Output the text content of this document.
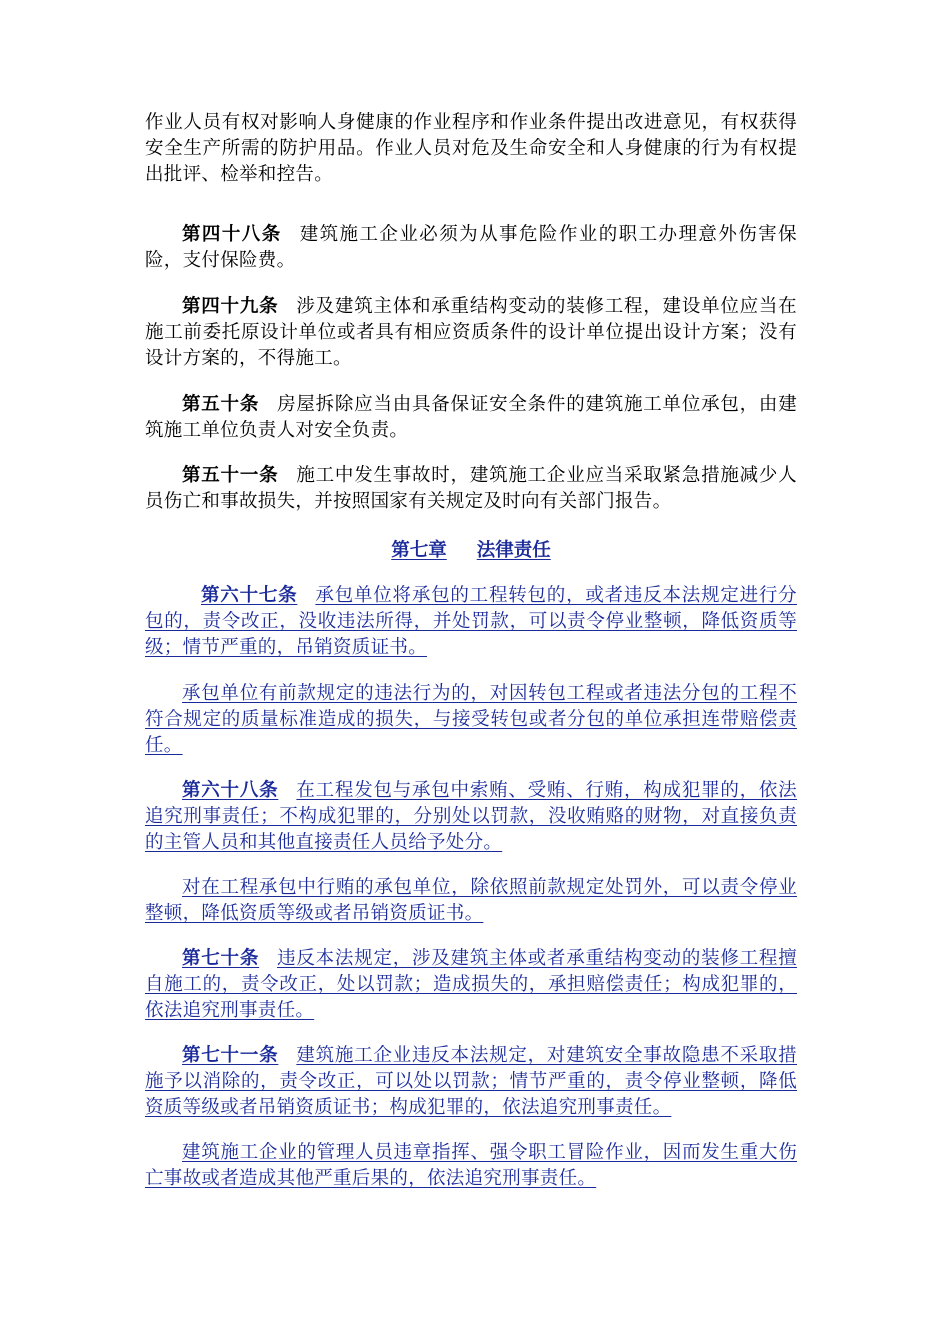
作业人员有权对影响人身健康的作业程序和作业条件提出改进意见，有权获得安全生产所需的防护用品。作业人员对危及生命安全和人身健康的行为有权提出批评、检举和控告。

第四十八条 建筑施工企业必须为从事危险作业的职工办理意外伤害保险，支付保险费。

第四十九条 涉及建筑主体和承重结构变动的装修工程，建设单位应当在施工前委托原设计单位或者具有相应资质条件的设计单位提出设计方案；没有设计方案的，不得施工。

第五十条 房屋拆除应当由具备保证安全条件的建筑施工单位承包，由建筑施工单位负责人对安全负责。

第五十一条 施工中发生事故时，建筑施工企业应当采取紧急措施减少人员伤亡和事故损失，并按照国家有关规定及时向有关部门报告。

第七章 法律责任

第六十七条 承包单位将承包的工程转包的，或者违反本法规定进行分包的，责令改正，没收违法所得，并处罚款，可以责令停业整顿，降低资质等级；情节严重的，吊销资质证书。

承包单位有前款规定的违法行为的，对因转包工程或者违法分包的工程不符合规定的质量标准造成的损失，与接受转包或者分包的单位承担连带赔偿责任。

第六十八条 在工程发包与承包中索贿、受贿、行贿，构成犯罪的，依法追究刑事责任；不构成犯罪的，分别处以罚款，没收贿赂的财物，对直接负责的主管人员和其他直接责任人员给予处分。

对在工程承包中行贿的承包单位，除依照前款规定处罚外，可以责令停业整顿，降低资质等级或者吊销资质证书。

第七十条 违反本法规定，涉及建筑主体或者承重结构变动的装修工程擅自施工的，责令改正，处以罚款；造成损失的，承担赔偿责任；构成犯罪的，依法追究刑事责任。

第七十一条 建筑施工企业违反本法规定，对建筑安全事故隐患不采取措施予以消除的，责令改正，可以处以罚款；情节严重的，责令停业整顿，降低资质等级或者吊销资质证书；构成犯罪的，依法追究刑事责任。

建筑施工企业的管理人员违章指挥、强令职工冒险作业，因而发生重大伤亡事故或者造成其他严重后果的，依法追究刑事责任。
